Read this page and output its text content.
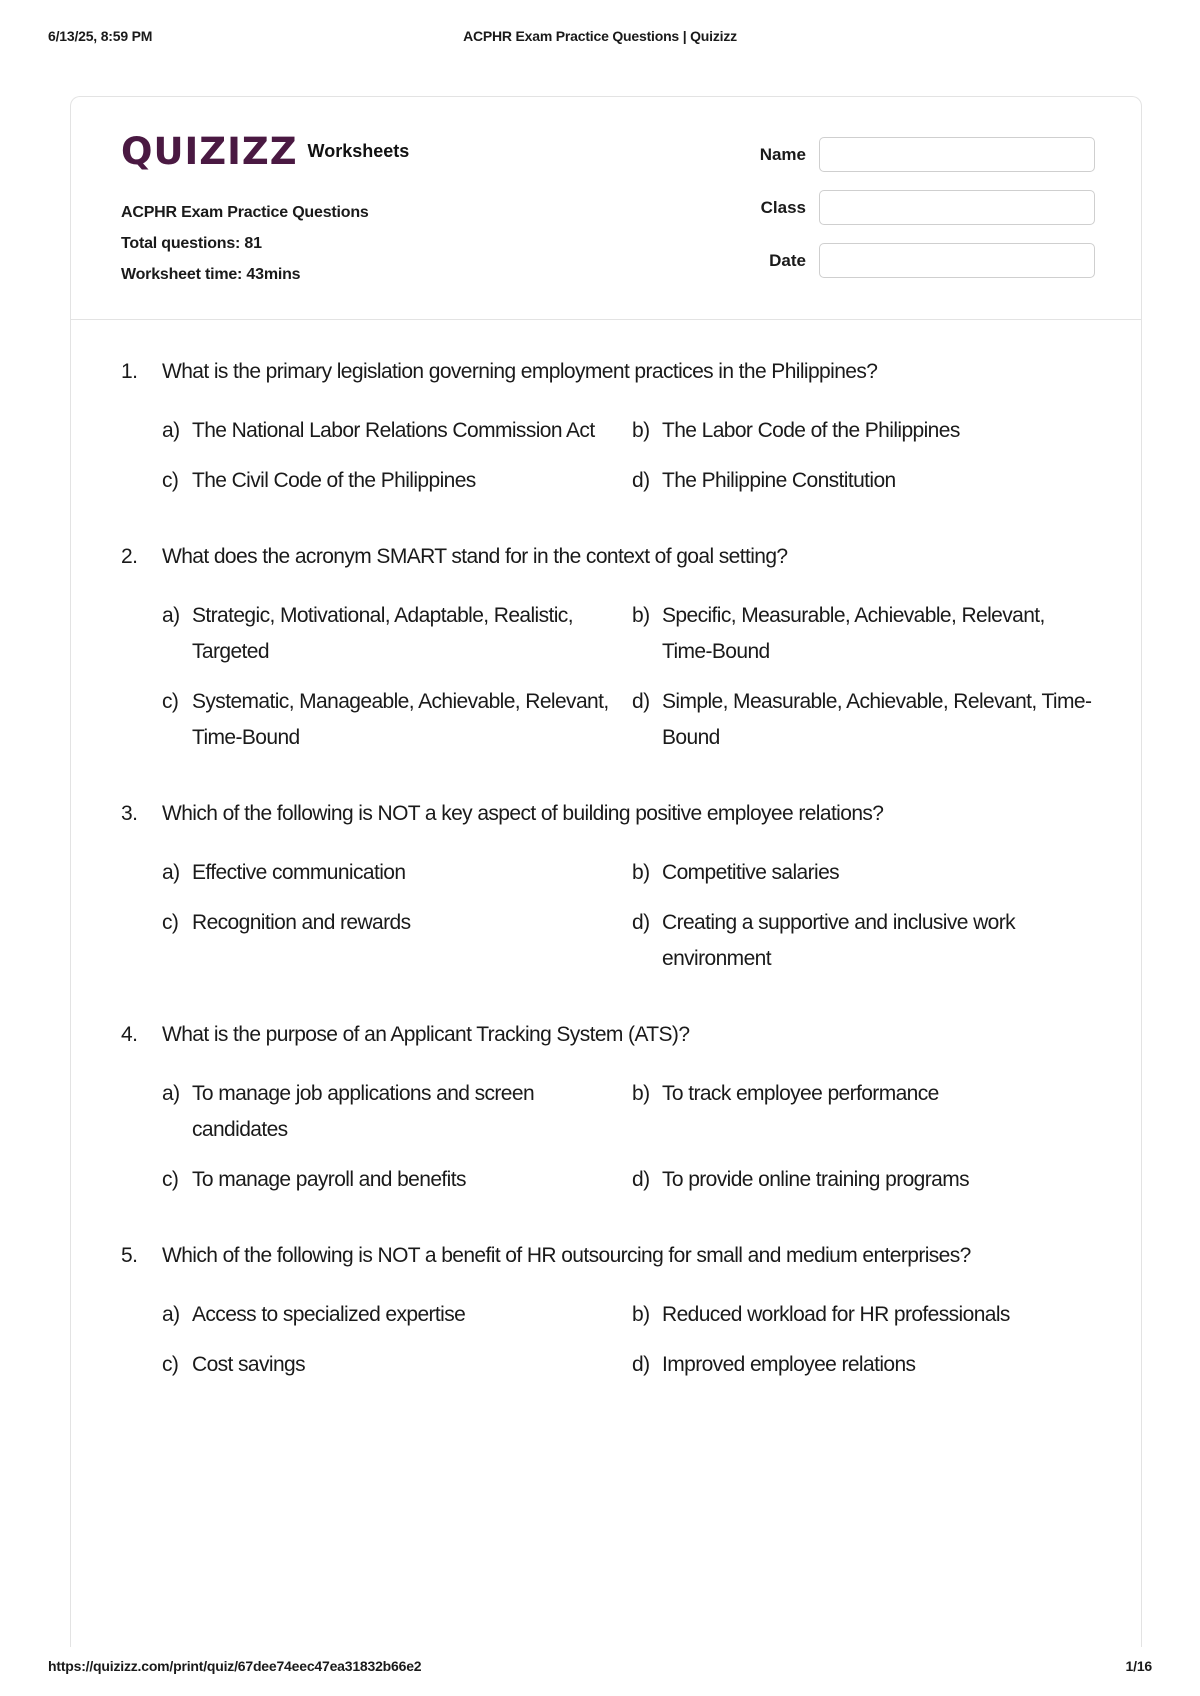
6/13/25, 8:59 PM	ACPHR Exam Practice Questions | Quizizz
QUIZIZZ Worksheets
ACPHR Exam Practice Questions
Total questions: 81
Worksheet time: 43mins
Name
Class
Date
1.	What is the primary legislation governing employment practices in the Philippines?
a) The National Labor Relations Commission Act	b) The Labor Code of the Philippines
c) The Civil Code of the Philippines	d) The Philippine Constitution
2.	What does the acronym SMART stand for in the context of goal setting?
a) Strategic, Motivational, Adaptable, Realistic, Targeted
b) Specific, Measurable, Achievable, Relevant, Time-Bound
c) Systematic, Manageable, Achievable, Relevant, Time-Bound
d) Simple, Measurable, Achievable, Relevant, Time-Bound
3.	Which of the following is NOT a key aspect of building positive employee relations?
a) Effective communication	b) Competitive salaries
c) Recognition and rewards	d) Creating a supportive and inclusive work environment
4.	What is the purpose of an Applicant Tracking System (ATS)?
a) To manage job applications and screen candidates
b) To track employee performance
c) To manage payroll and benefits	d) To provide online training programs
5.	Which of the following is NOT a benefit of HR outsourcing for small and medium enterprises?
a) Access to specialized expertise	b) Reduced workload for HR professionals
c) Cost savings	d) Improved employee relations
https://quizizz.com/print/quiz/67dee74eec47ea31832b66e2	1/16
